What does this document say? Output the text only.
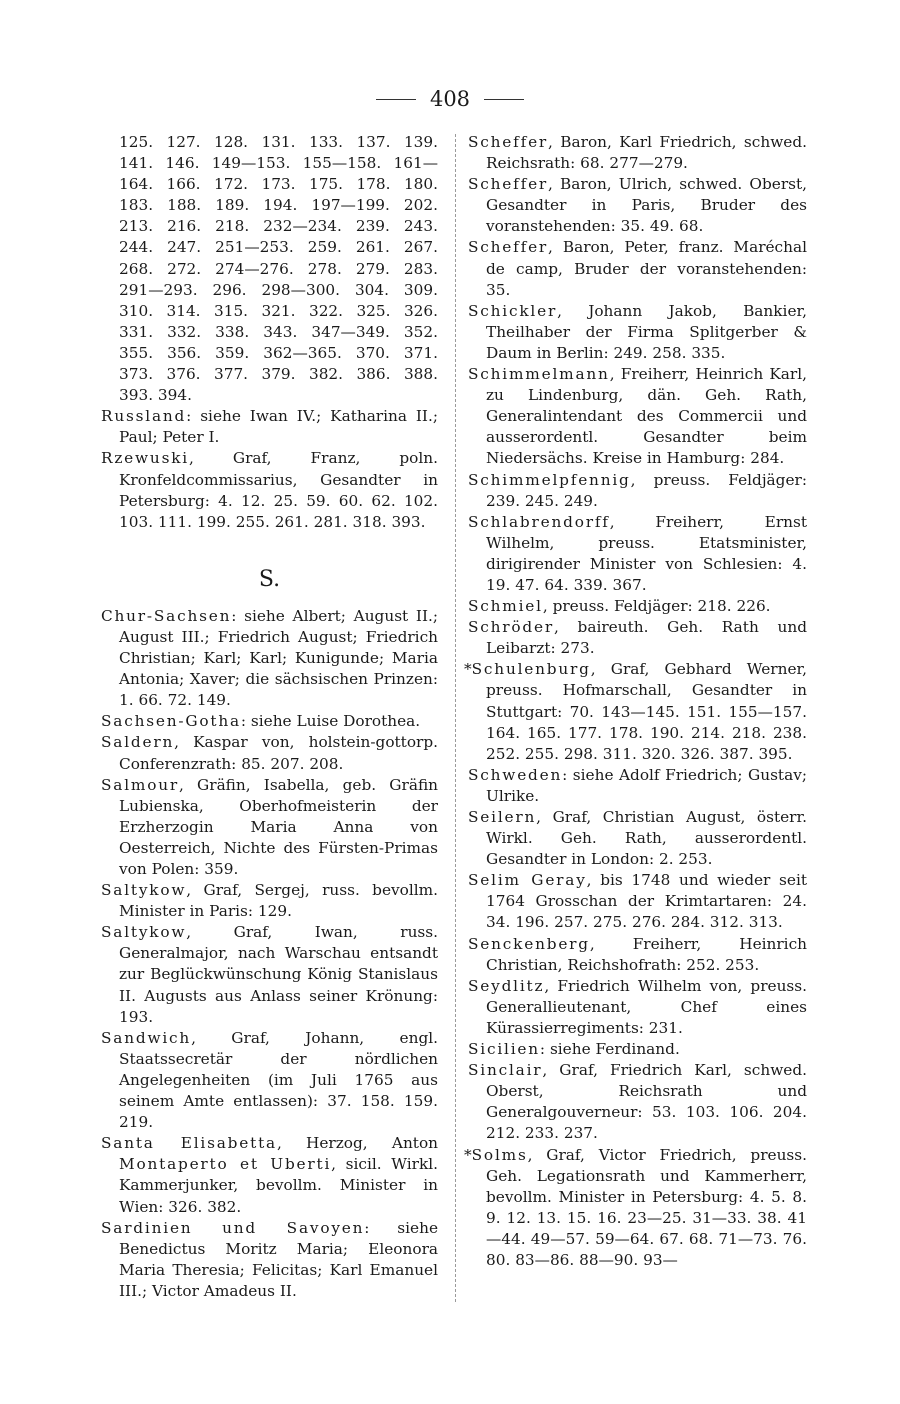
408
125. 127. 128. 131. 133. 137. 139.
141. 146. 149—153. 155—158. 161—
164. 166. 172. 173. 175. 178. 180.
183. 188. 189. 194. 197—199. 202.
213. 216. 218. 232—234. 239. 243.
244. 247. 251—253. 259. 261. 267.
268. 272. 274—276. 278. 279. 283.
291—293. 296. 298—300. 304. 309.
310. 314. 315. 321. 322. 325. 326.
331. 332. 338. 343. 347—349. 352.
355. 356. 359. 362—365. 370. 371.
373. 376. 377. 379. 382. 386. 388.
393. 394.

Russland: siehe Iwan IV.; Katharina II.; Paul; Peter I.

Rzewuski, Graf, Franz, poln. Kronfeldcommissarius, Gesandter in Petersburg: 4. 12. 25. 59. 60. 62. 102. 103. 111. 199. 255. 261. 281. 318. 393.

S.

Chur-Sachsen: siehe Albert; August II.; August III.; Friedrich August; Friedrich Christian; Karl; Karl; Kunigunde; Maria Antonia; Xaver; die sächsischen Prinzen: 1. 66. 72. 149.

Sachsen-Gotha: siehe Luise Dorothea.

Saldern, Kaspar von, holstein-gottorp. Conferenzrath: 85. 207. 208.

Salmour, Gräfin, Isabella, geb. Gräfin Lubienska, Oberhofmeisterin der Erzherzogin Maria Anna von Oesterreich, Nichte des Fürsten-Primas von Polen: 359.

Saltykow, Graf, Sergej, russ. bevollm. Minister in Paris: 129.

Saltykow, Graf, Iwan, russ. Generalmajor, nach Warschau entsandt zur Beglückwünschung König Stanislaus II. Augusts aus Anlass seiner Krönung: 193.

Sandwich, Graf, Johann, engl. Staatssecretär der nördlichen Angelegenheiten (im Juli 1765 aus seinem Amte entlassen): 37. 158. 159. 219.

Santa Elisabetta, Herzog, Anton Montaperto et Uberti, sicil. Wirkl. Kammerjunker, bevollm. Minister in Wien: 326. 382.

Sardinien und Savoyen: siehe Benedictus Moritz Maria; Eleonora Maria Theresia; Felicitas; Karl Emanuel III.; Victor Amadeus II.

Scheffer, Baron, Karl Friedrich, schwed. Reichsrath: 68. 277—279.

Scheffer, Baron, Ulrich, schwed. Oberst, Gesandter in Paris, Bruder des voranstehenden: 35. 49. 68.

Scheffer, Baron, Peter, franz. Maréchal de camp, Bruder der voranstehenden: 35.

Schickler, Johann Jakob, Bankier, Theilhaber der Firma Splitgerber & Daum in Berlin: 249. 258. 335.

Schimmelmann, Freiherr, Heinrich Karl, zu Lindenburg, dän. Geh. Rath, Generalintendant des Commercii und ausserordentl. Gesandter beim Niedersächs. Kreise in Hamburg: 284.

Schimmelpfennig, preuss. Feldjäger: 239. 245. 249.

Schlabrendorff, Freiherr, Ernst Wilhelm, preuss. Etatsminister, dirigirender Minister von Schlesien: 4. 19. 47. 64. 339. 367.

Schmiel, preuss. Feldjäger: 218. 226.

Schröder, baireuth. Geh. Rath und Leibarzt: 273.

*Schulenburg, Graf, Gebhard Werner, preuss. Hofmarschall, Gesandter in Stuttgart: 70. 143—145. 151. 155—157. 164. 165. 177. 178. 190. 214. 218. 238. 252. 255. 298. 311. 320. 326. 387. 395.

Schweden: siehe Adolf Friedrich; Gustav; Ulrike.

Seilern, Graf, Christian August, österr. Wirkl. Geh. Rath, ausserordentl. Gesandter in London: 2. 253.

Selim Geray, bis 1748 und wieder seit 1764 Grosschan der Krimtartaren: 24. 34. 196. 257. 275. 276. 284. 312. 313.

Senckenberg, Freiherr, Heinrich Christian, Reichshofrath: 252. 253.

Seydlitz, Friedrich Wilhelm von, preuss. Generallieutenant, Chef eines Kürassierregiments: 231.

Sicilien: siehe Ferdinand.

Sinclair, Graf, Friedrich Karl, schwed. Oberst, Reichsrath und Generalgouverneur: 53. 103. 106. 204. 212. 233. 237.

*Solms, Graf, Victor Friedrich, preuss. Geh. Legationsrath und Kammerherr, bevollm. Minister in Petersburg: 4. 5. 8. 9. 12. 13. 15. 16. 23—25. 31—33. 38. 41—44. 49—57. 59—64. 67. 68. 71—73. 76. 80. 83—86. 88—90. 93—
